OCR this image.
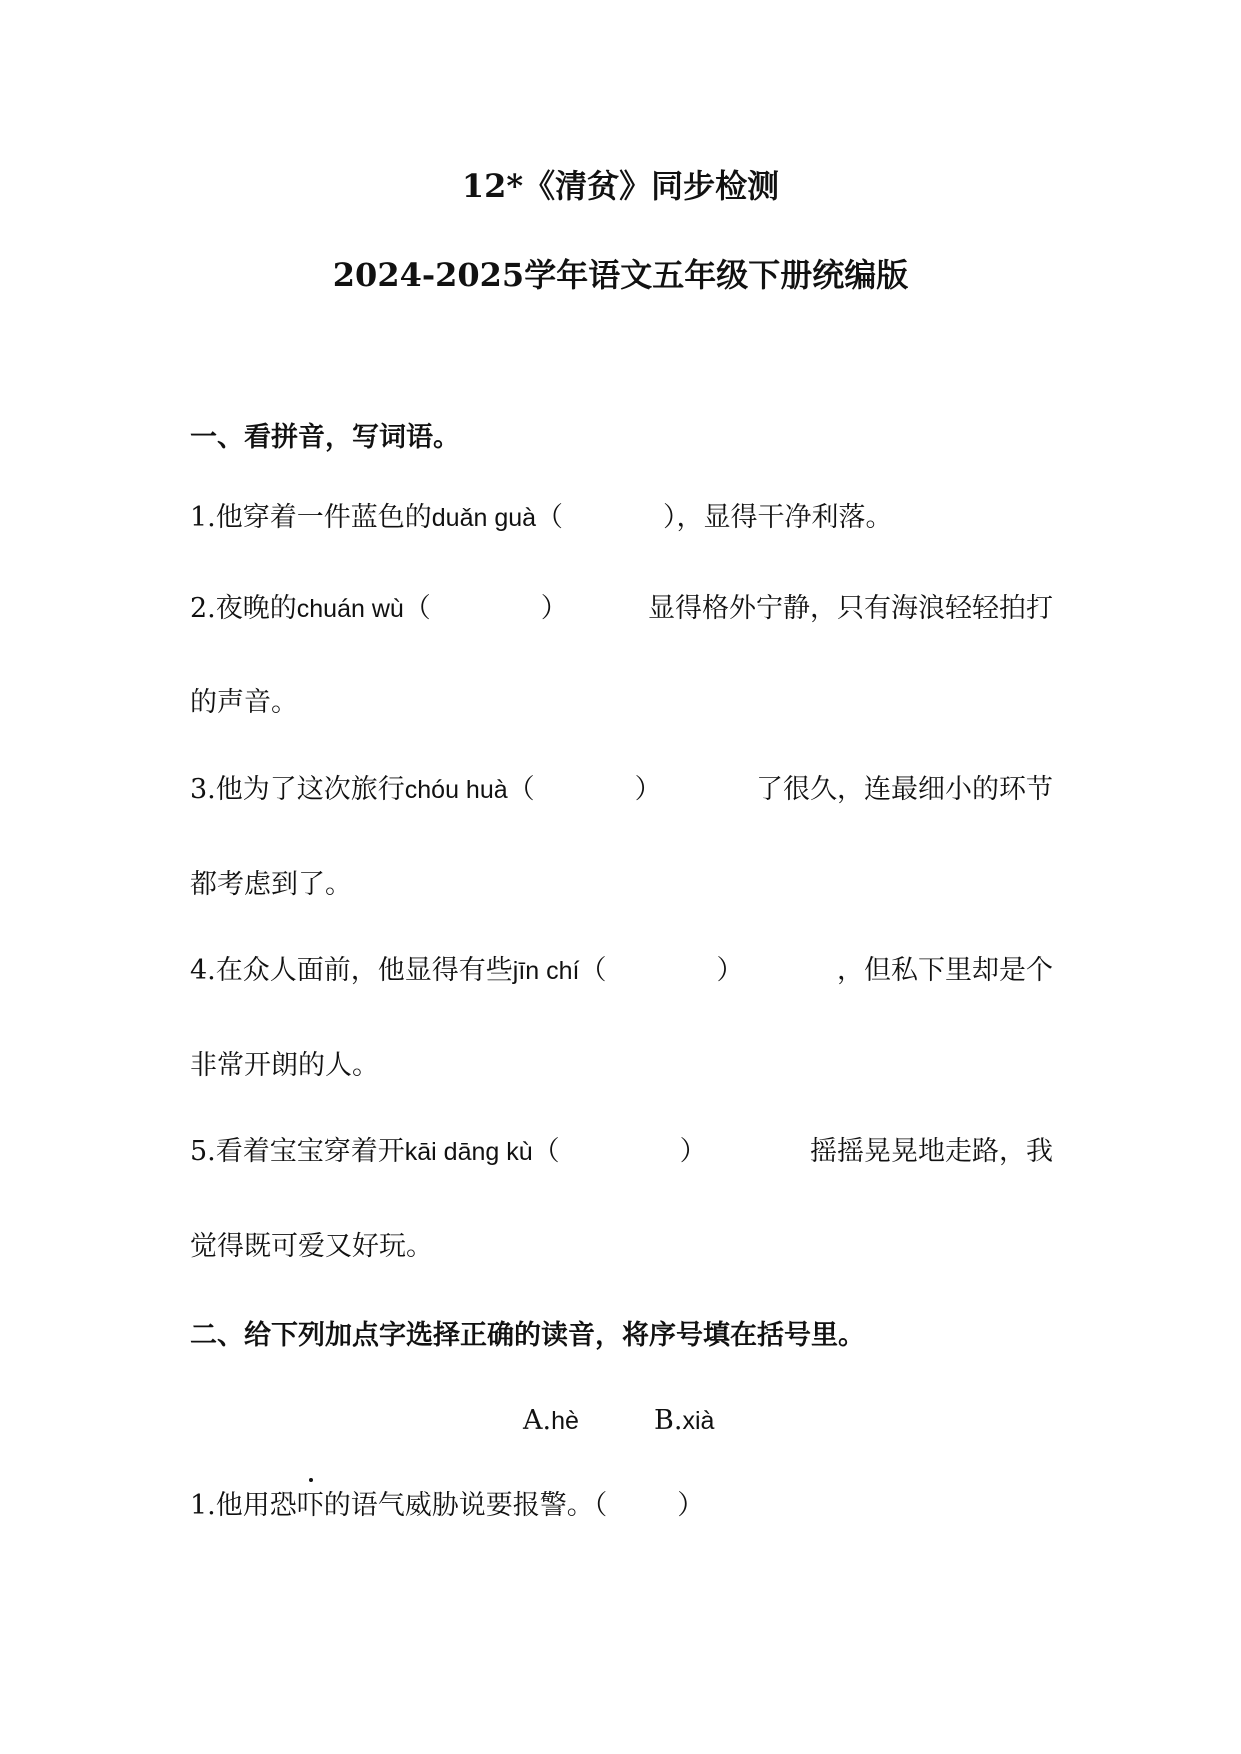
12*《清贫》同步检测
2024-2025学年语文五年级下册统编版
一、看拼音，写词语。
1.他穿着一件蓝色的duǎn guà（	），显得干净利落。
2.夜晚的chuán wù（	）	显得格外宁静，只有海浪轻轻拍打
的声音。
3.他为了这次旅行chóu huà（	）	了很久，连最细小的环节
都考虑到了。
4.在众人面前，他显得有些jīn chí（	）	，但私下里却是个
非常开朗的人。
5.看着宝宝穿着开kāi dāng kù（	）	摇摇晃晃地走路，我
觉得既可爱又好玩。
二、给下列加点字选择正确的读音，将序号填在括号里。
A.hè	B.xià
1.他用恐
吓的语气威胁说要报警。（	）
